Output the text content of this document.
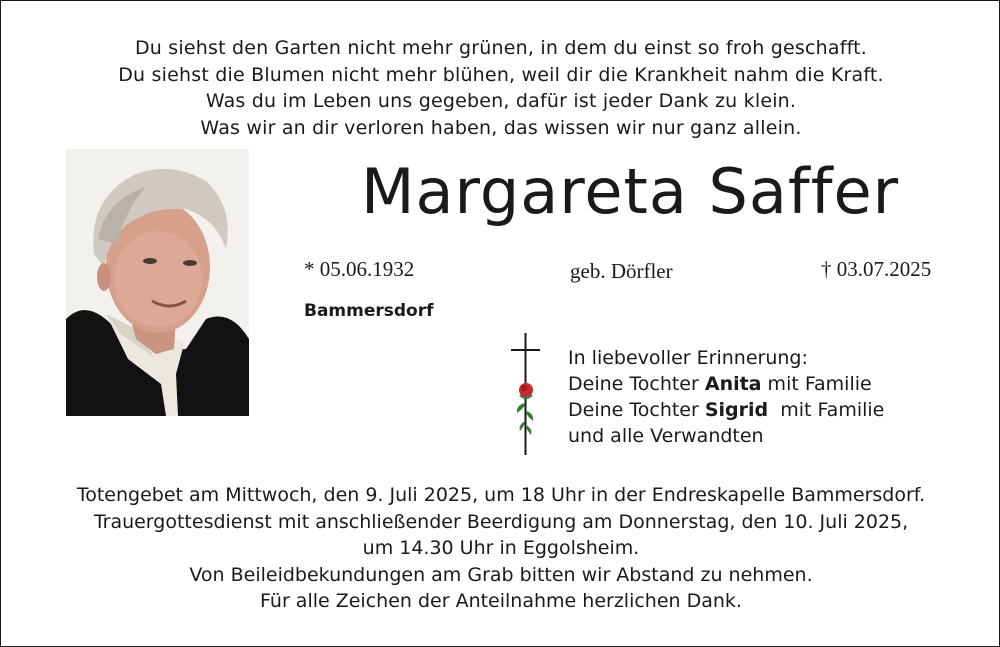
Du siehst den Garten nicht mehr grünen, in dem du einst so froh geschafft.
Du siehst die Blumen nicht mehr blühen, weil dir die Krankheit nahm die Kraft.
Was du im Leben uns gegeben, dafür ist jeder Dank zu klein.
Was wir an dir verloren haben, das wissen wir nur ganz allein.
Margareta Saffer
* 05.06.1932	geb. Dörfler	† 03.07.2025
Bammersdorf
In liebevoller Erinnerung:
Deine Tochter Anita mit Familie
Deine Tochter Sigrid  mit Familie
und alle Verwandten
Totengebet am Mittwoch, den 9. Juli 2025, um 18 Uhr in der Endreskapelle Bammersdorf.
Trauergottesdienst mit anschließender Beerdigung am Donnerstag, den 10. Juli 2025,
um 14.30 Uhr in Eggolsheim.
Von Beileidbekundungen am Grab bitten wir Abstand zu nehmen.
Für alle Zeichen der Anteilnahme herzlichen Dank.
